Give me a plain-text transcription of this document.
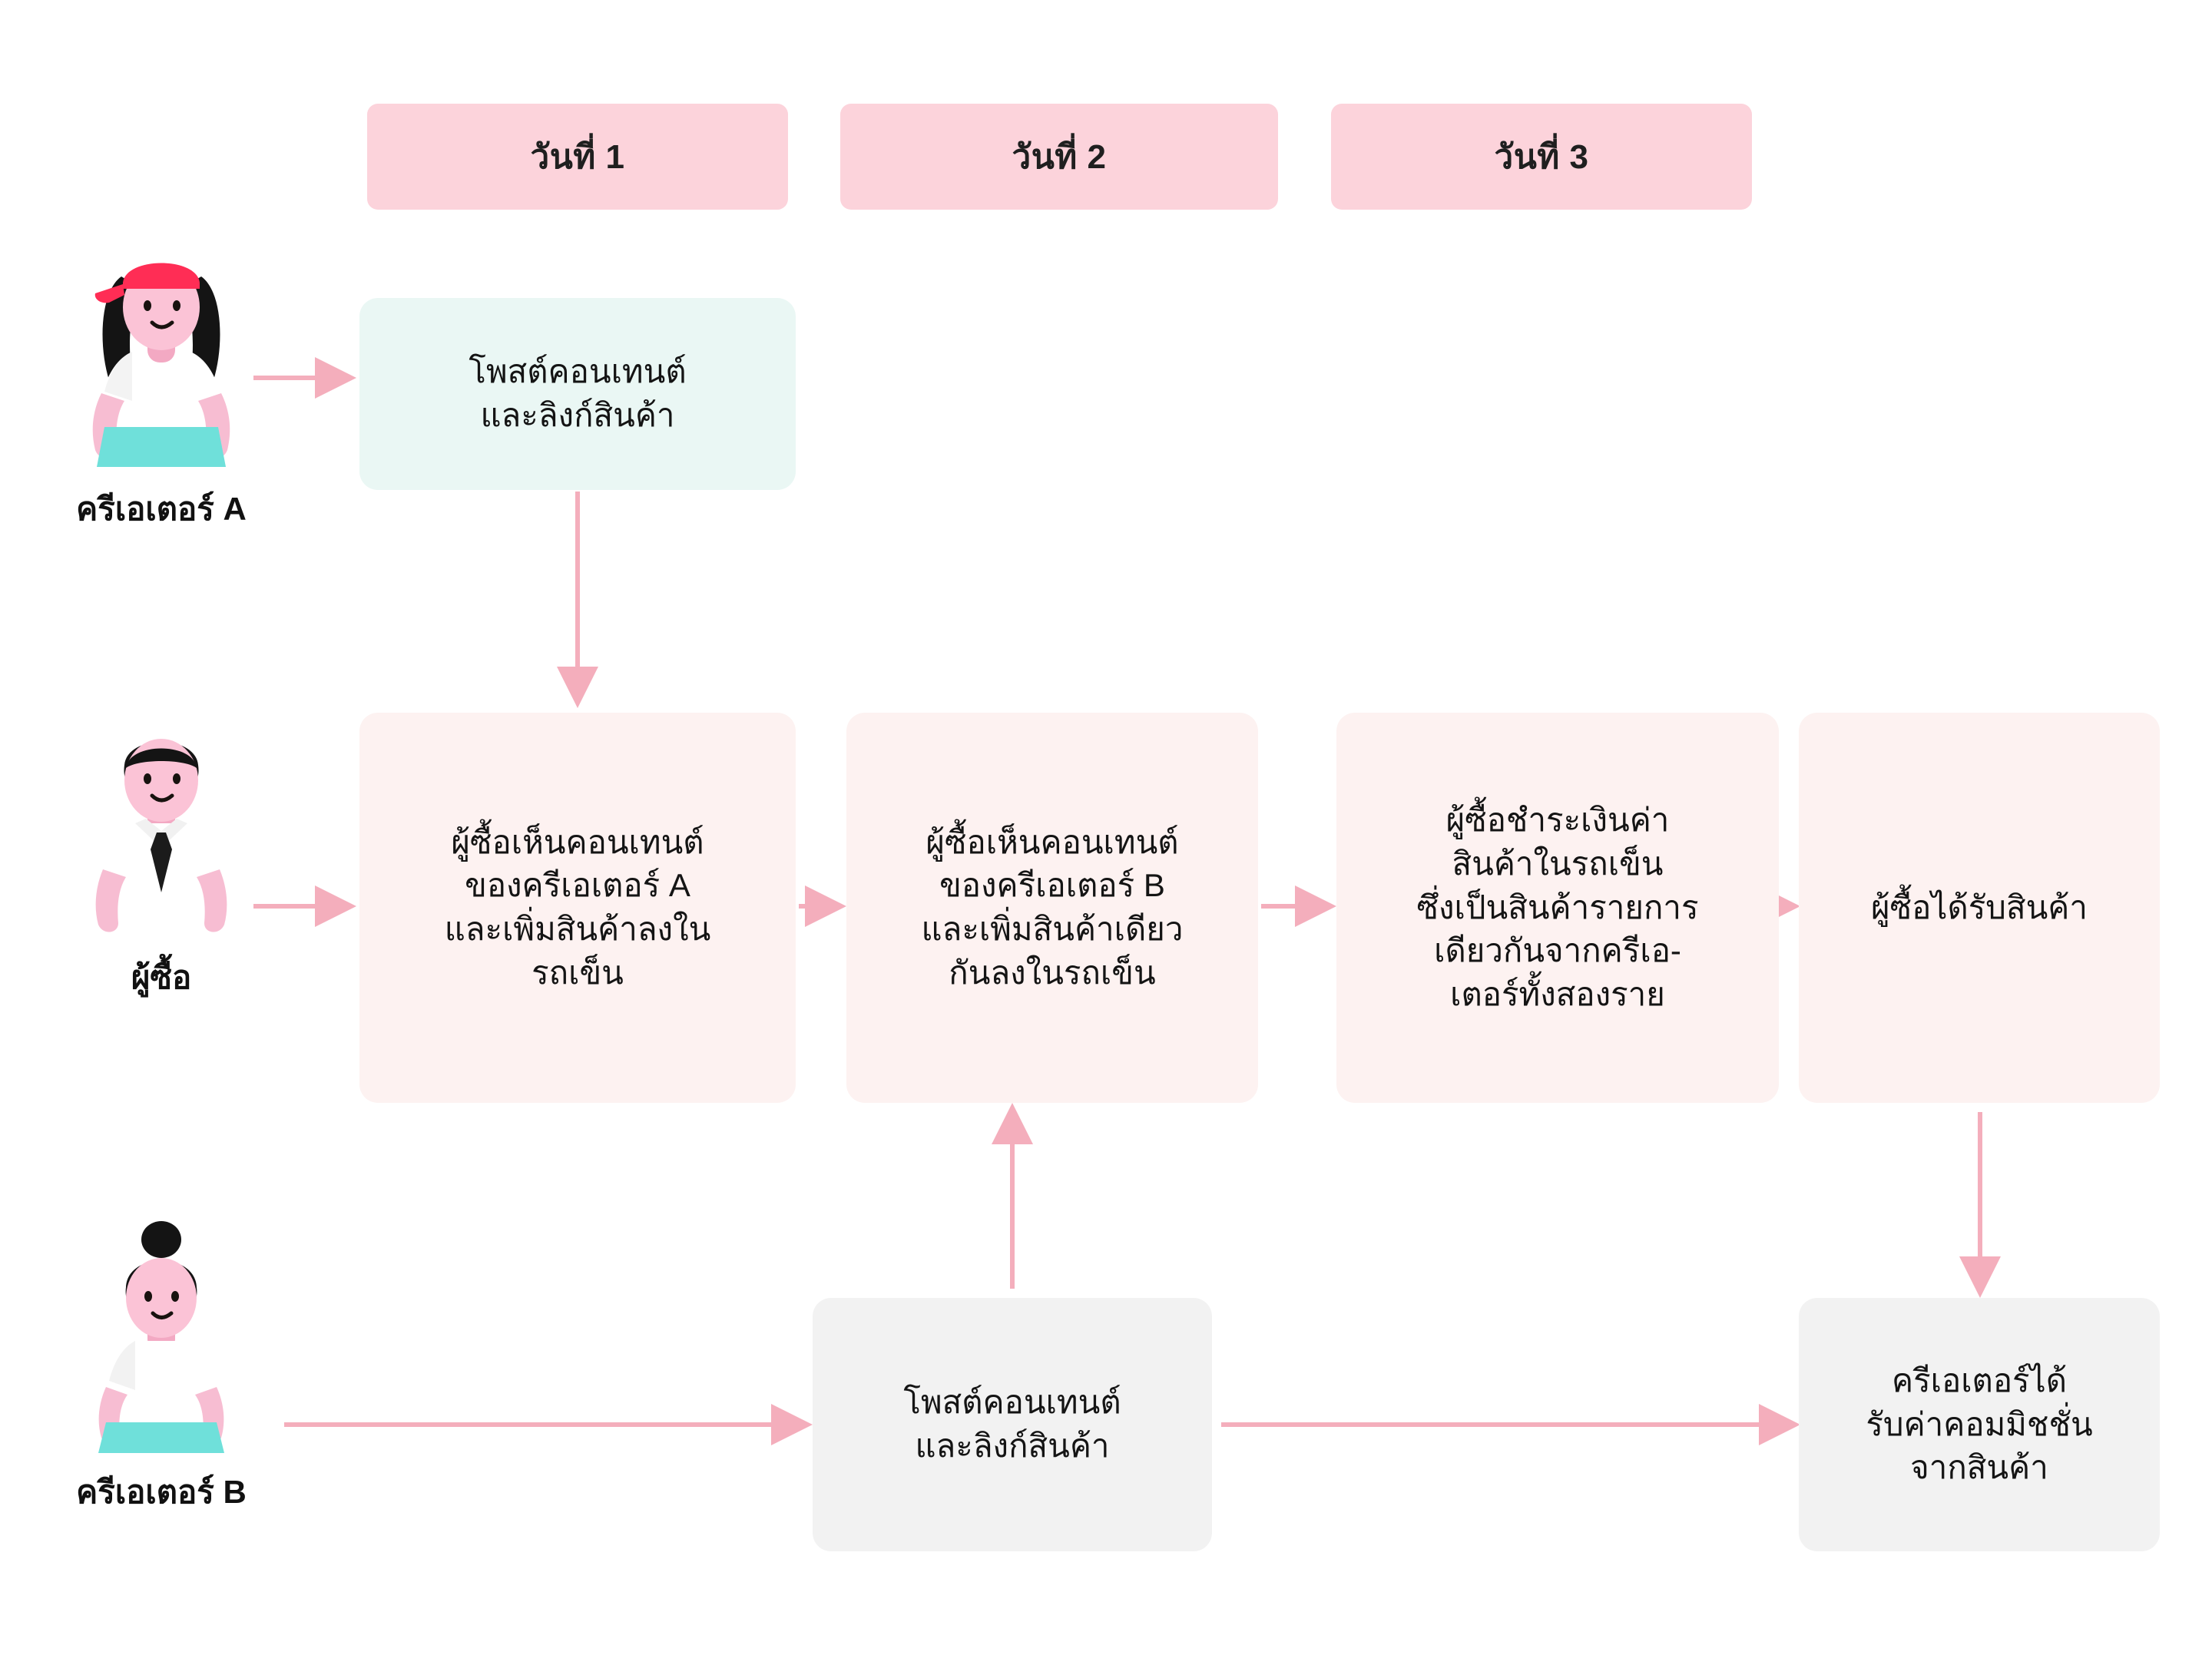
วันที่ 1	วันที่ 2	วันที่ 3
ครีเอเตอร์ A
ผู้ซื้อ
ครีเอเตอร์ B
โพสต์คอนเทนต์
และลิงก์สินค้า
ผู้ซื้อเห็นคอนเทนต์
ของครีเอเตอร์ A
และเพิ่มสินค้าลงใน
รถเข็น
ผู้ซื้อเห็นคอนเทนต์
ของครีเอเตอร์ B
และเพิ่มสินค้าเดียว
กันลงในรถเข็น
ผู้ซื้อชำระเงินค่า
สินค้าในรถเข็น
ซึ่งเป็นสินค้ารายการ
เดียวกันจากครีเอ-
เตอร์ทั้งสองราย
ผู้ซื้อได้รับสินค้า
โพสต์คอนเทนต์
และลิงก์สินค้า
ครีเอเตอร์ได้
รับค่าคอมมิชชั่น
จากสินค้า
